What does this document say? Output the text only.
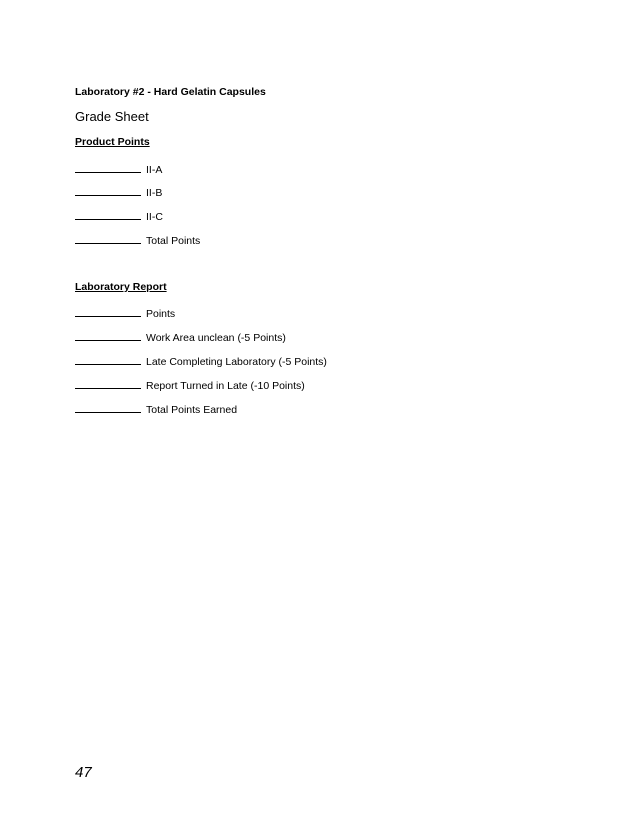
Laboratory #2 - Hard Gelatin Capsules
Grade Sheet
Product Points
II-A
II-B
II-C
Total Points
Laboratory Report
Points
Work Area unclean (-5 Points)
Late Completing Laboratory (-5 Points)
Report Turned in Late (-10 Points)
Total Points Earned
47
